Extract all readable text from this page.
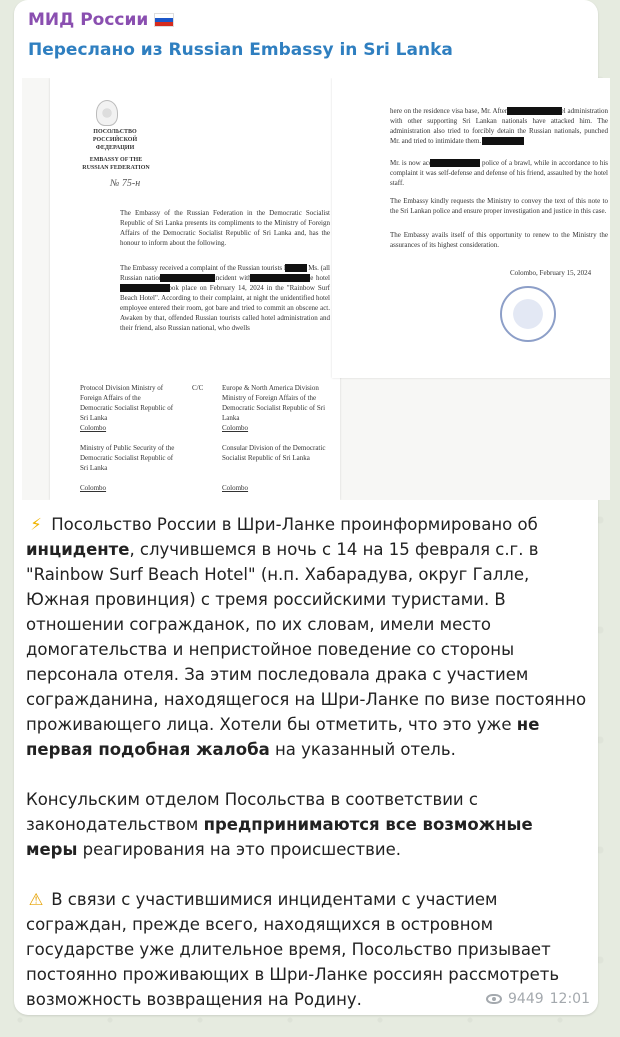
МИД России
Переслано из Russian Embassy in Sri Lanka
ПОСОЛЬСТВО РОССИЙСКОЙ ФЕДЕРАЦИИ
EMBASSY OF THE RUSSIAN FEDERATION
№ 75-н
The Embassy of the Russian Federation in the Democratic Socialist Republic of Sri Lanka presents its compliments to the Ministry of Foreign Affairs of the Democratic Socialist Republic of Sri Lanka and, has the honour to inform about the following.
The Embassy received a complaint of the Russian tourists Ms. and Ms. (all Russian nationals) regarding an incident with harassment from the hotel employees that took place on February 14, 2024 in the "Rainbow Surf Beach Hotel". According to their complaint, at night the unidentified hotel employee entered their room, got bare and tried to commit an obscene act. Awaken by that, offended Russian tourists called hotel administration and their friend, also Russian national, who dwells
Protocol Division Ministry of Foreign Affairs of the Democratic Socialist Republic of Sri Lanka
Colombo
C/C	Europe & North America Division Ministry of Foreign Affairs of the Democratic Socialist Republic of Sri Lanka
Colombo
Ministry of Public Security of the Democratic Socialist Republic of Sri Lanka
Colombo
Consular Division of the Democratic Socialist Republic of Sri Lanka
Colombo
here on the residence visa base, Mr. After his arrival, the hotel administration with other supporting Sri Lankan nationals have attacked him. The administration also tried to forcibly detain the Russian nationals, punched Mr. and tried to intimidate them.
Mr. is now accused by the local police of a brawl, while in accordance to his complaint it was self-defense and defense of his friend, assaulted by the hotel staff.
The Embassy kindly requests the Ministry to convey the text of this note to the Sri Lankan police and ensure proper investigation and justice in this case.
The Embassy avails itself of this opportunity to renew to the Ministry the assurances of its highest consideration.
Colombo, February 15, 2024

⚡ Посольство России в Шри-Ланке проинформировано об инциденте, случившемся в ночь с 14 на 15 февраля с.г. в "Rainbow Surf Beach Hotel" (н.п. Хабарадува, округ Галле, Южная провинция) с тремя российскими туристами. В отношении сограждaнок, по их словам, имели место домогательства и непристойное поведение со стороны персонала отеля. За этим последовала драка с участием сограждaнина, находящегося на Шри-Ланке по визе постоянно проживающего лица. Хотели бы отметить, что это уже не первая подобная жалоба на указанный отель.

Консульским отделом Посольства в соответствии с законодательством предпринимаются все возможные меры реагирования на это происшествие.

⚠ В связи с участившимися инцидентами с участием сограждан, прежде всего, находящихся в островном государстве уже длительное время, Посольство призывает постоянно проживающих в Шри-Ланке россиян рассмотреть возможность возвращения на Родину.

9449 12:01
